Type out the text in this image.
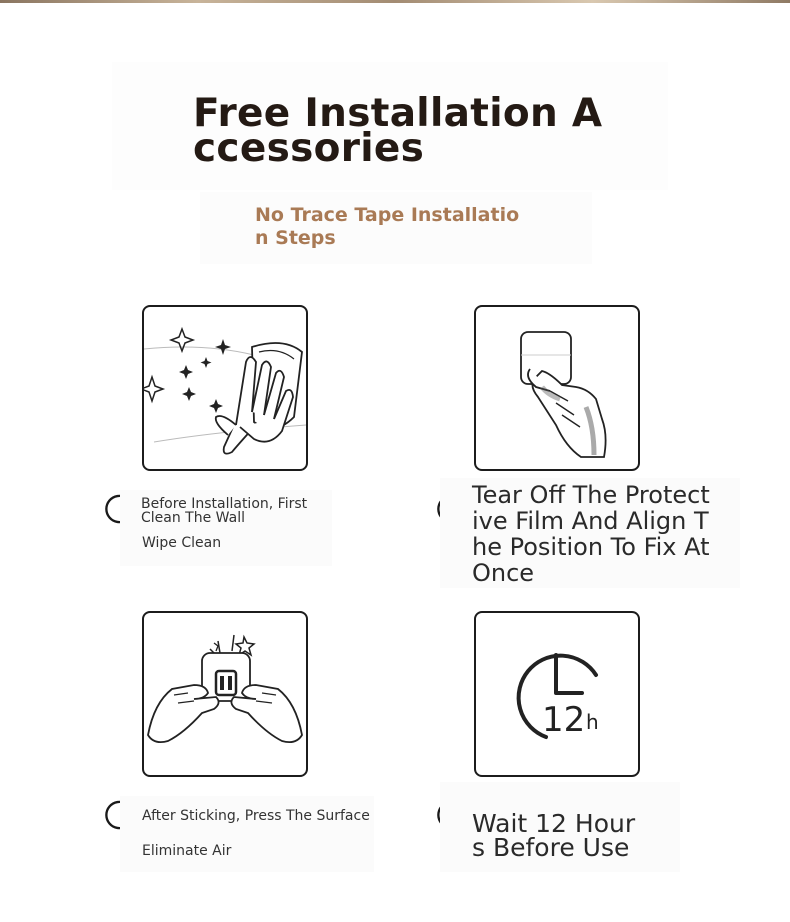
Free Installation A
ccessories
No Trace Tape Installatio
n Steps
Before Installation, First
Clean The Wall
Wipe Clean
Tear Off The Protect
ive Film And Align T
he Position To Fix At
Once
After Sticking, Press The Surface
Eliminate Air
12 h
Wait 12 Hour
s Before Use
